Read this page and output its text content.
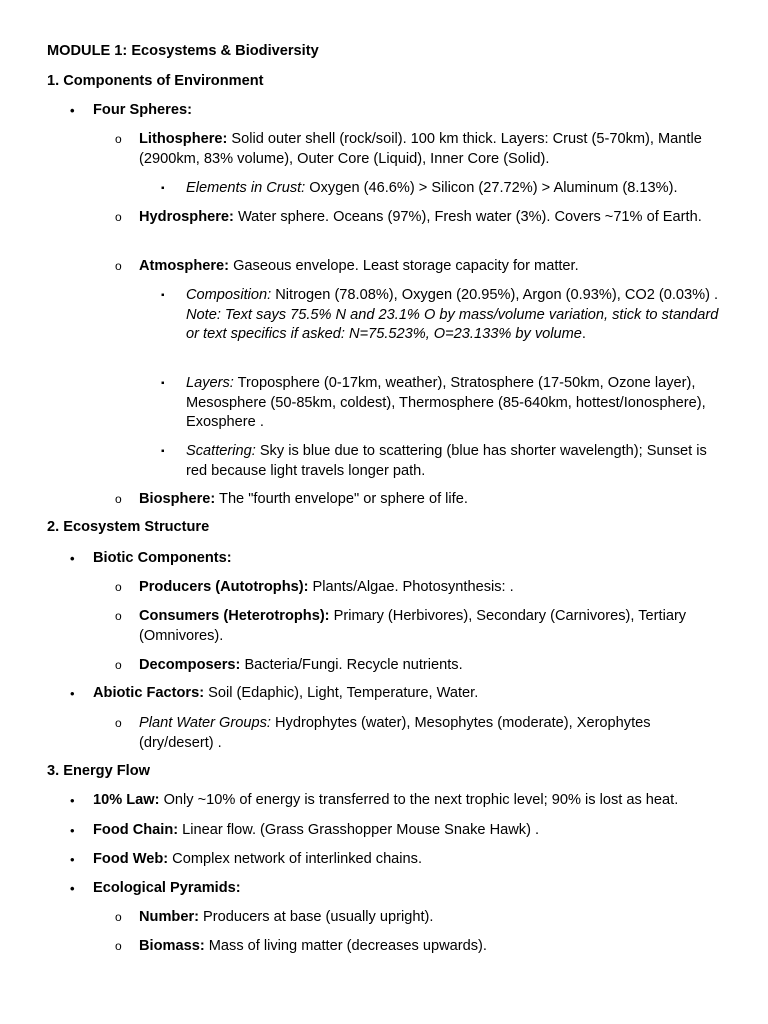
MODULE 1: Ecosystems & Biodiversity
1. Components of Environment
• Four Spheres:
o Lithosphere: Solid outer shell (rock/soil). 100 km thick. Layers: Crust (5-70km), Mantle (2900km, 83% volume), Outer Core (Liquid), Inner Core (Solid).
▪ Elements in Crust: Oxygen (46.6%) > Silicon (27.72%) > Aluminum (8.13%).
o Hydrosphere: Water sphere. Oceans (97%), Fresh water (3%). Covers ~71% of Earth.
o Atmosphere: Gaseous envelope. Least storage capacity for matter.
▪ Composition: Nitrogen (78.08%), Oxygen (20.95%), Argon (0.93%), CO2 (0.03%) . Note: Text says 75.5% N and 23.1% O by mass/volume variation, stick to standard or text specifics if asked: N=75.523%, O=23.133% by volume.
▪ Layers: Troposphere (0-17km, weather), Stratosphere (17-50km, Ozone layer), Mesosphere (50-85km, coldest), Thermosphere (85-640km, hottest/Ionosphere), Exosphere .
▪ Scattering: Sky is blue due to scattering (blue has shorter wavelength); Sunset is red because light travels longer path.
o Biosphere: The "fourth envelope" or sphere of life.
2. Ecosystem Structure
• Biotic Components:
o Producers (Autotrophs): Plants/Algae. Photosynthesis: .
o Consumers (Heterotrophs): Primary (Herbivores), Secondary (Carnivores), Tertiary (Omnivores).
o Decomposers: Bacteria/Fungi. Recycle nutrients.
• Abiotic Factors: Soil (Edaphic), Light, Temperature, Water.
o Plant Water Groups: Hydrophytes (water), Mesophytes (moderate), Xerophytes (dry/desert) .
3. Energy Flow
• 10% Law: Only ~10% of energy is transferred to the next trophic level; 90% is lost as heat.
• Food Chain: Linear flow. (Grass Grasshopper Mouse Snake Hawk) .
• Food Web: Complex network of interlinked chains.
• Ecological Pyramids:
o Number: Producers at base (usually upright).
o Biomass: Mass of living matter (decreases upwards).
